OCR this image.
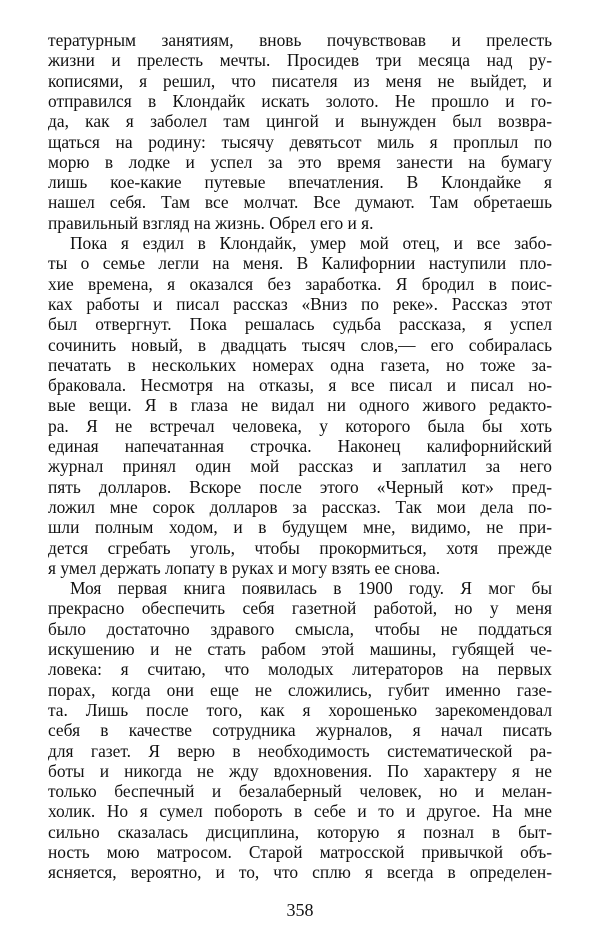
тературным занятиям, вновь почувствовав и прелесть
жизни и прелесть мечты. Просидев три месяца над ру-
кописями, я решил, что писателя из меня не выйдет, и
отправился в Клондайк искать золото. Не прошло и го-
да, как я заболел там цингой и вынужден был возвра-
щаться на родину: тысячу девятьсот миль я проплыл по
морю в лодке и успел за это время занести на бумагу
лишь кое-какие путевые впечатления. В Клондайке я
нашел себя. Там все молчат. Все думают. Там обретаешь
правильный взгляд на жизнь. Обрел его и я.
Пока я ездил в Клондайк, умер мой отец, и все забо-
ты о семье легли на меня. В Калифорнии наступили пло-
хие времена, я оказался без заработка. Я бродил в поис-
ках работы и писал рассказ «Вниз по реке». Рассказ этот
был отвергнут. Пока решалась судьба рассказа, я успел
сочинить новый, в двадцать тысяч слов,— его собиралась
печатать в нескольких номерах одна газета, но тоже за-
браковала. Несмотря на отказы, я все писал и писал но-
вые вещи. Я в глаза не видал ни одного живого редакто-
ра. Я не встречал человека, у которого была бы хоть
единая напечатанная строчка. Наконец калифорнийский
журнал принял один мой рассказ и заплатил за него
пять долларов. Вскоре после этого «Черный кот» пред-
ложил мне сорок долларов за рассказ. Так мои дела по-
шли полным ходом, и в будущем мне, видимо, не при-
дется сгребать уголь, чтобы прокормиться, хотя прежде
я умел держать лопату в руках и могу взять ее снова.
Моя первая книга появилась в 1900 году. Я мог бы
прекрасно обеспечить себя газетной работой, но у меня
было достаточно здравого смысла, чтобы не поддаться
искушению и не стать рабом этой машины, губящей че-
ловека: я считаю, что молодых литераторов на первых
порах, когда они еще не сложились, губит именно газе-
та. Лишь после того, как я хорошенько зарекомендовал
себя в качестве сотрудника журналов, я начал писать
для газет. Я верю в необходимость систематической ра-
боты и никогда не жду вдохновения. По характеру я не
только беспечный и безалаберный человек, но и мелан-
холик. Но я сумел побороть в себе и то и другое. На мне
сильно сказалась дисциплина, которую я познал в быт-
ность мою матросом. Старой матросской привычкой объ-
ясняется, вероятно, и то, что сплю я всегда в определен-
358
